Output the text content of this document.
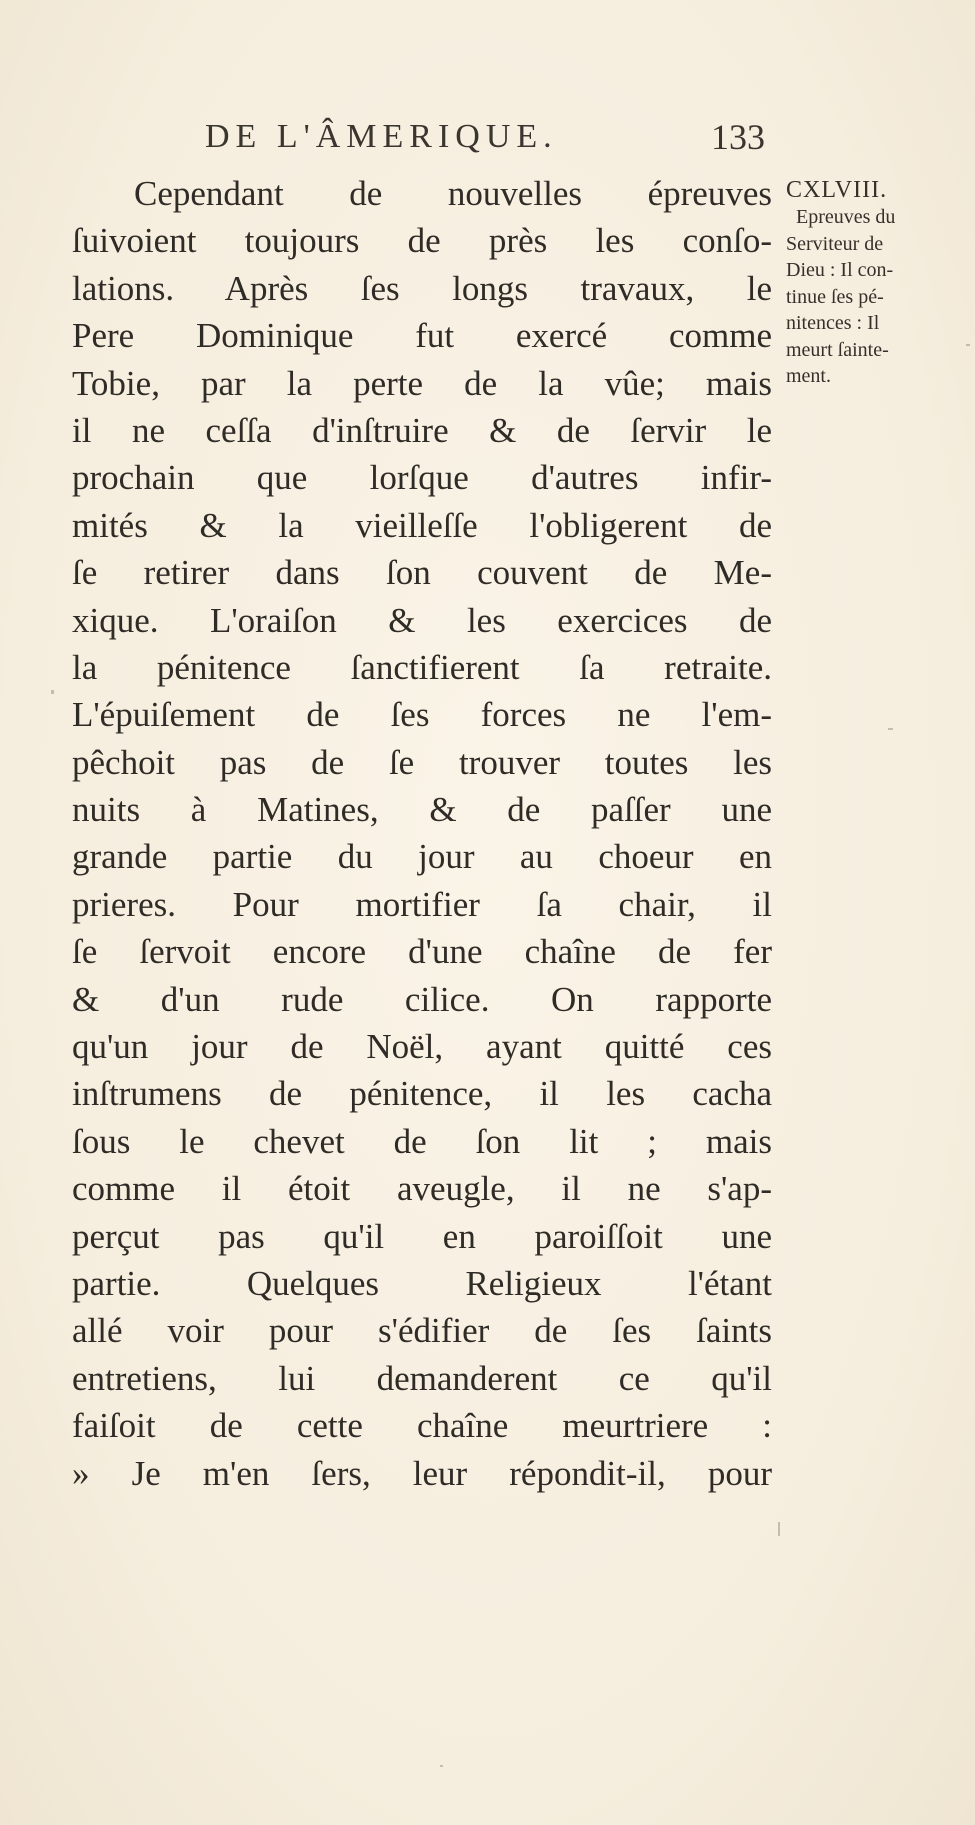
DE L'ÂMERIQUE.	133
Cependant de nouvelles épreuves
ſuivoient toujours de près les conſo-
lations. Après ſes longs travaux, le
Pere Dominique fut exercé comme
Tobie, par la perte de la vûe; mais
il ne ceſſa d'inſtruire & de ſervir le
prochain que lorſque d'autres infir-
mités & la vieilleſſe l'obligerent de
ſe retirer dans ſon couvent de Me-
xique. L'oraiſon & les exercices de
la pénitence ſanctifierent ſa retraite.
L'épuiſement de ſes forces ne l'em-
pêchoit pas de ſe trouver toutes les
nuits à Matines, & de paſſer une
grande partie du jour au choeur en
prieres. Pour mortifier ſa chair, il
ſe ſervoit encore d'une chaîne de fer
& d'un rude cilice. On rapporte
qu'un jour de Noël, ayant quitté ces
inſtrumens de pénitence, il les cacha
ſous le chevet de ſon lit ; mais
comme il étoit aveugle, il ne s'ap-
perçut pas qu'il en paroiſſoit une
partie. Quelques Religieux l'étant
allé voir pour s'édifier de ſes ſaints
entretiens, lui demanderent ce qu'il
faiſoit de cette chaîne meurtriere :
» Je m'en ſers, leur répondit-il, pour
CXLVIII.
Epreuves du
Serviteur de
Dieu : Il con-
tinue ſes pé-
nitences : Il
meurt ſainte-
ment.
